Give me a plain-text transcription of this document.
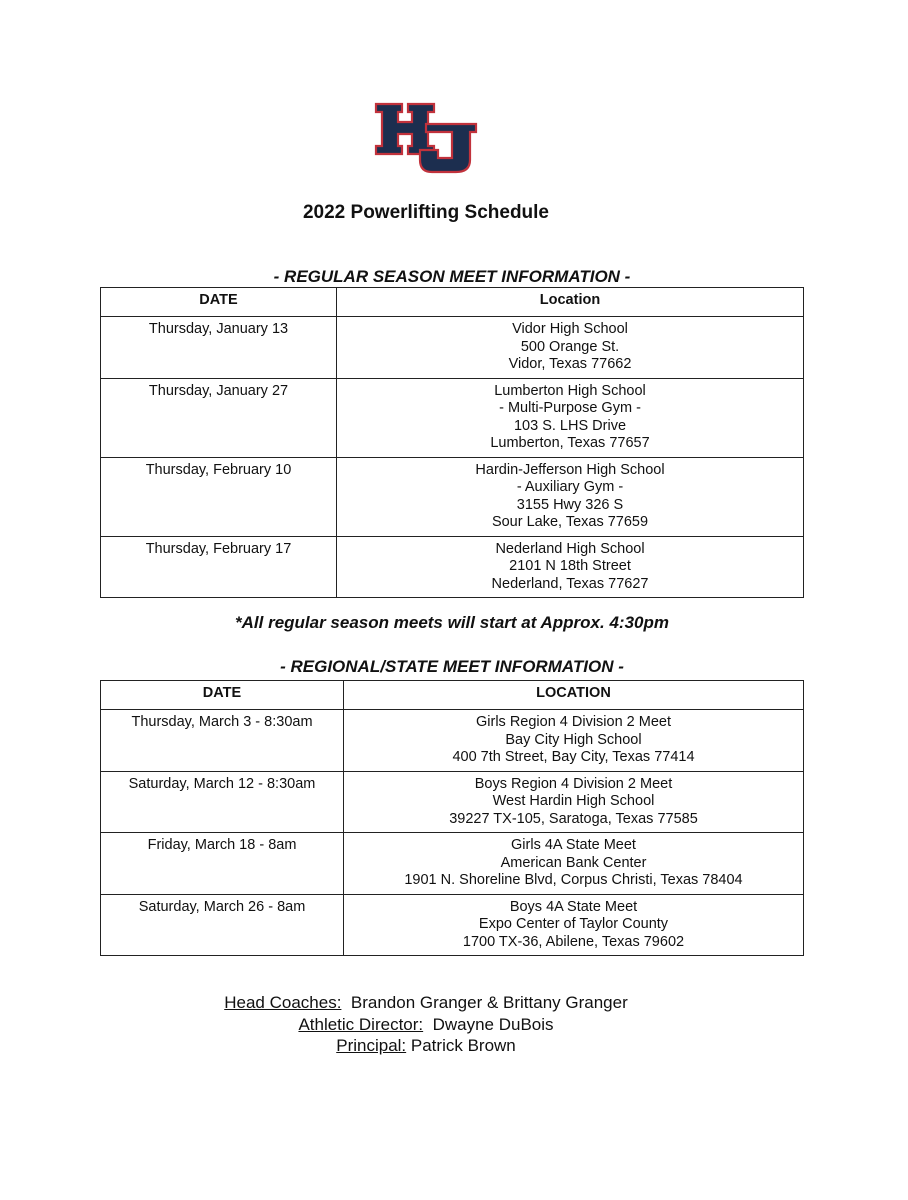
2022 Powerlifting Schedule
- REGULAR SEASON MEET INFORMATION -
DATE	Location
Thursday, January 13	Vidor High School
500 Orange St.
Vidor, Texas 77662

Thursday, January 27	Lumberton High School
- Multi-Purpose Gym -
103 S. LHS Drive
Lumberton, Texas 77657

Thursday, February 10	Hardin-Jefferson High School
- Auxiliary Gym -
3155 Hwy 326 S
Sour Lake, Texas 77659

Thursday, February 17	Nederland High School
2101 N 18th Street
Nederland, Texas 77627
*All regular season meets will start at Approx. 4:30pm
- REGIONAL/STATE MEET INFORMATION -
DATE	LOCATION
Thursday, March 3 - 8:30am	Girls Region 4 Division 2 Meet
Bay City High School
400 7th Street, Bay City, Texas 77414

Saturday, March 12 - 8:30am	Boys Region 4 Division 2 Meet
West Hardin High School
39227 TX-105, Saratoga, Texas 77585

Friday, March 18 - 8am	Girls 4A State Meet
American Bank Center
1901 N. Shoreline Blvd, Corpus Christi, Texas 78404

Saturday, March 26 - 8am	Boys 4A State Meet
Expo Center of Taylor County
1700 TX-36, Abilene, Texas 79602
Head Coaches: Brandon Granger & Brittany Granger
Athletic Director: Dwayne DuBois
Principal: Patrick Brown
